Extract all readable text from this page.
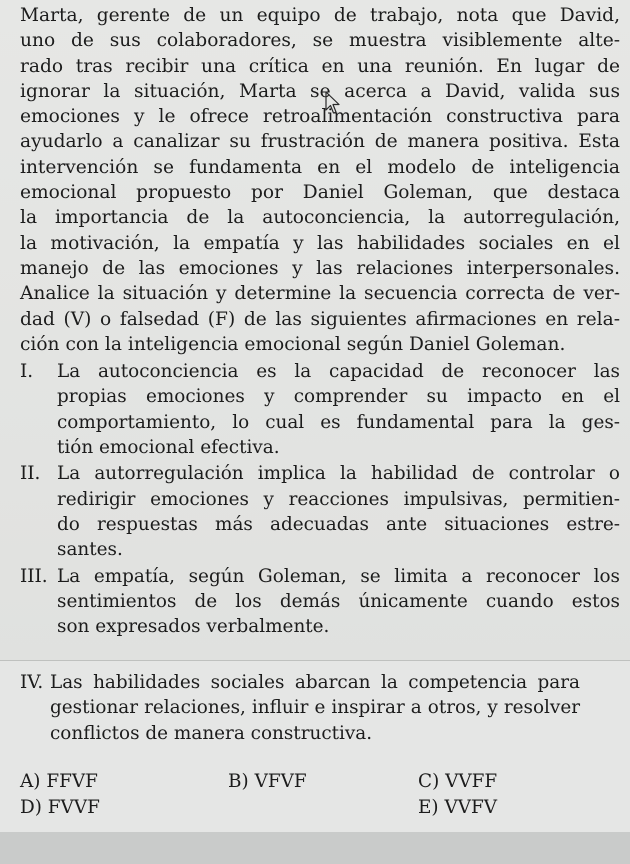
Marta, gerente de un equipo de trabajo, nota que David,
uno de sus colaboradores, se muestra visiblemente alte-
rado tras recibir una crítica en una reunión. En lugar de
ignorar la situación, Marta se acerca a David, valida sus
emociones y le ofrece retroalimentación constructiva para
ayudarlo a canalizar su frustración de manera positiva. Esta
intervención se fundamenta en el modelo de inteligencia
emocional propuesto por Daniel Goleman, que destaca
la importancia de la autoconciencia, la autorregulación,
la motivación, la empatía y las habilidades sociales en el
manejo de las emociones y las relaciones interpersonales.
Analice la situación y determine la secuencia correcta de ver-
dad (V) o falsedad (F) de las siguientes afirmaciones en rela-
ción con la inteligencia emocional según Daniel Goleman.
I. La autoconciencia es la capacidad de reconocer las
propias emociones y comprender su impacto en el
comportamiento, lo cual es fundamental para la ges-
tión emocional efectiva.
II. La autorregulación implica la habilidad de controlar o
redirigir emociones y reacciones impulsivas, permitien-
do respuestas más adecuadas ante situaciones estre-
santes.
III. La empatía, según Goleman, se limita a reconocer los
sentimientos de los demás únicamente cuando estos
son expresados verbalmente.
IV. Las habilidades sociales abarcan la competencia para
gestionar relaciones, influir e inspirar a otros, y resolver
conflictos de manera constructiva.
A) FFVF	B) VFVF	C) VVFF
D) FVVF	E) VVFV
